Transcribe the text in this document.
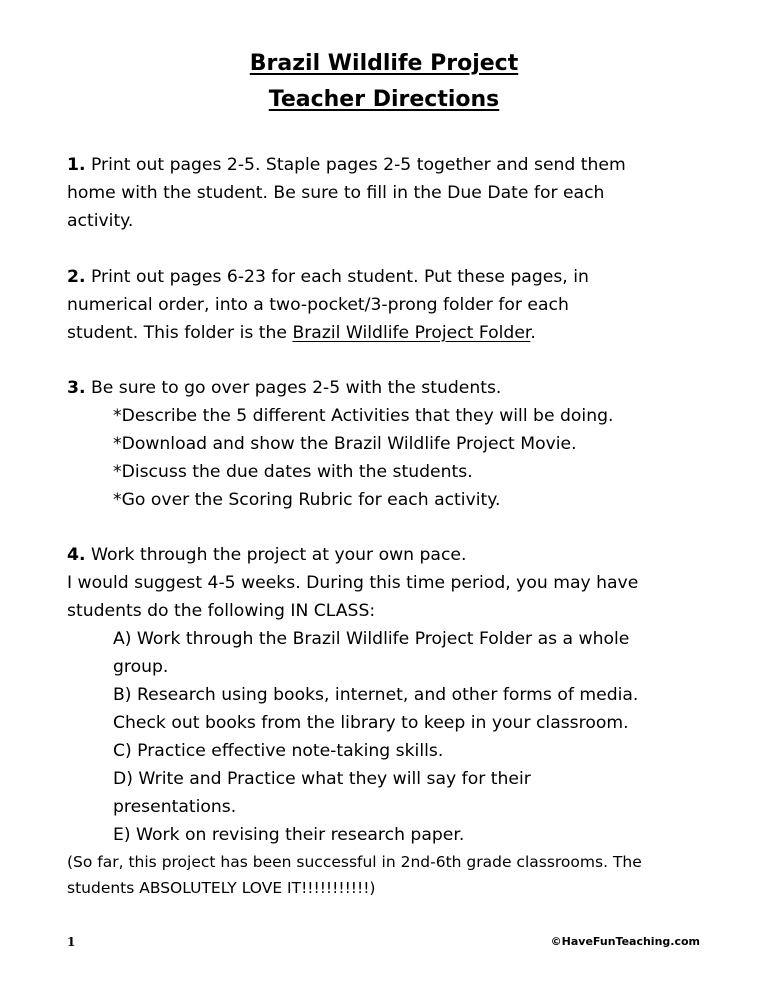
Brazil Wildlife Project
Teacher Directions
1. Print out pages 2-5. Staple pages 2-5 together and send them
home with the student. Be sure to fill in the Due Date for each
activity.
2. Print out pages 6-23 for each student. Put these pages, in
numerical order, into a two-pocket/3-prong folder for each
student. This folder is the Brazil Wildlife Project Folder.
3. Be sure to go over pages 2-5 with the students.
*Describe the 5 different Activities that they will be doing.
*Download and show the Brazil Wildlife Project Movie.
*Discuss the due dates with the students.
*Go over the Scoring Rubric for each activity.
4. Work through the project at your own pace.
I would suggest 4-5 weeks. During this time period, you may have
students do the following IN CLASS:
A) Work through the Brazil Wildlife Project Folder as a whole
group.
B) Research using books, internet, and other forms of media.
Check out books from the library to keep in your classroom.
C) Practice effective note-taking skills.
D) Write and Practice what they will say for their
presentations.
E) Work on revising their research paper.
(So far, this project has been successful in 2nd-6th grade classrooms. The
students ABSOLUTELY LOVE IT!!!!!!!!!!!)
1	©HaveFunTeaching.com
